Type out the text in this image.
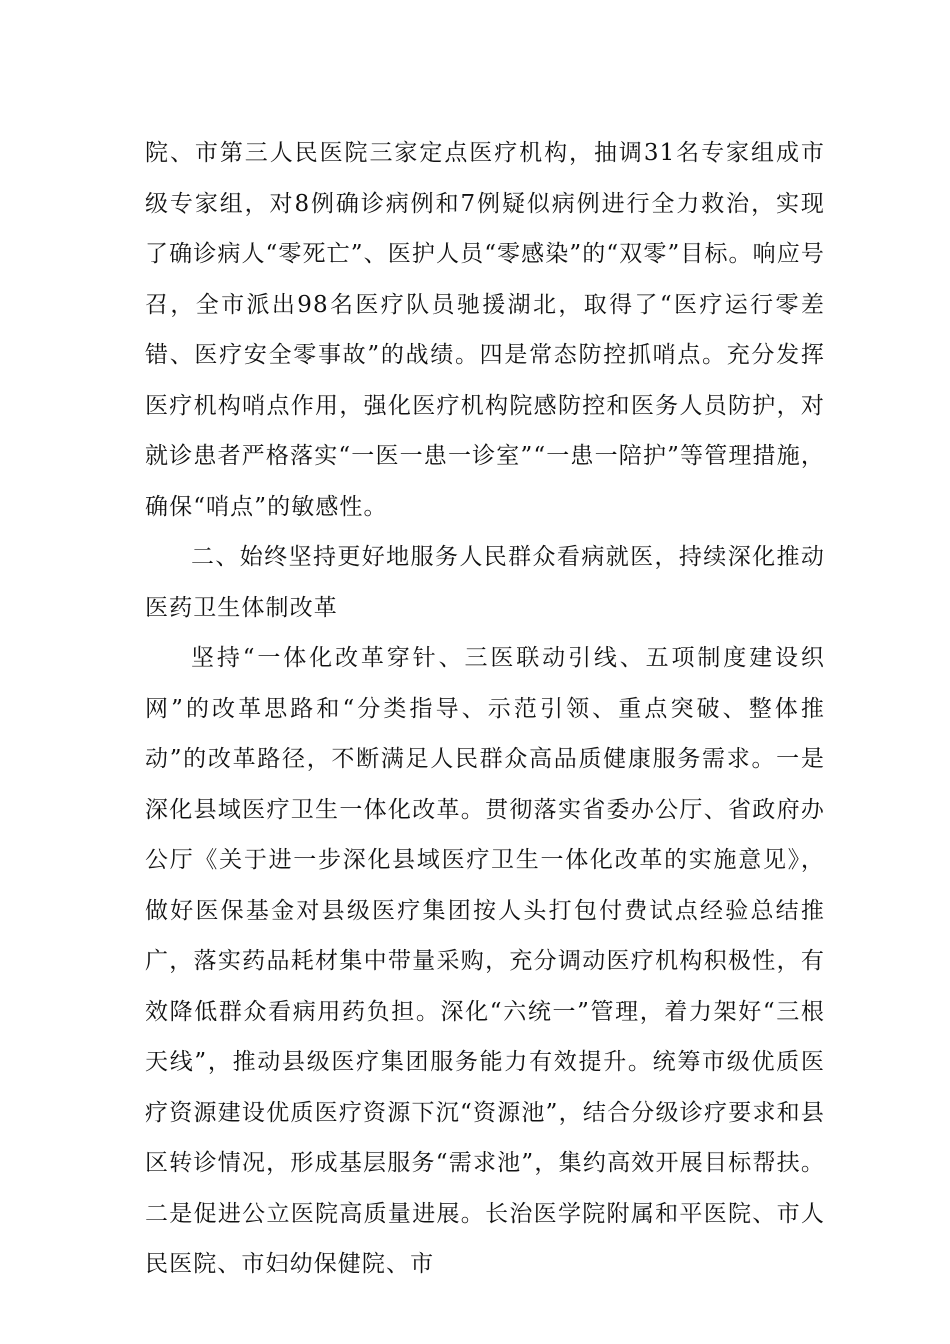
院、市第三人民医院三家定点医疗机构，抽调31名专家组成市级专家组，对8例确诊病例和7例疑似病例进行全力救治，实现了确诊病人“零死亡”、医护人员“零感染”的“双零”目标。响应号召，全市派出98名医疗队员驰援湖北，取得了“医疗运行零差错、医疗安全零事故”的战绩。四是常态防控抓哨点。充分发挥医疗机构哨点作用，强化医疗机构院感防控和医务人员防护，对就诊患者严格落实“一医一患一诊室”“一患一陪护”等管理措施，确保“哨点”的敏感性。

二、始终坚持更好地服务人民群众看病就医，持续深化推动医药卫生体制改革

坚持“一体化改革穿针、三医联动引线、五项制度建设织网”的改革思路和“分类指导、示范引领、重点突破、整体推动”的改革路径，不断满足人民群众高品质健康服务需求。一是深化县域医疗卫生一体化改革。贯彻落实省委办公厅、省政府办公厅《关于进一步深化县域医疗卫生一体化改革的实施意见》，做好医保基金对县级医疗集团按人头打包付费试点经验总结推广，落实药品耗材集中带量采购，充分调动医疗机构积极性，有效降低群众看病用药负担。深化“六统一”管理，着力架好“三根天线”，推动县级医疗集团服务能力有效提升。统筹市级优质医疗资源建设优质医疗资源下沉“资源池”，结合分级诊疗要求和县区转诊情况，形成基层服务“需求池”，集约高效开展目标帮扶。二是促进公立医院高质量进展。长治医学院附属和平医院、市人民医院、市妇幼保健院、市
